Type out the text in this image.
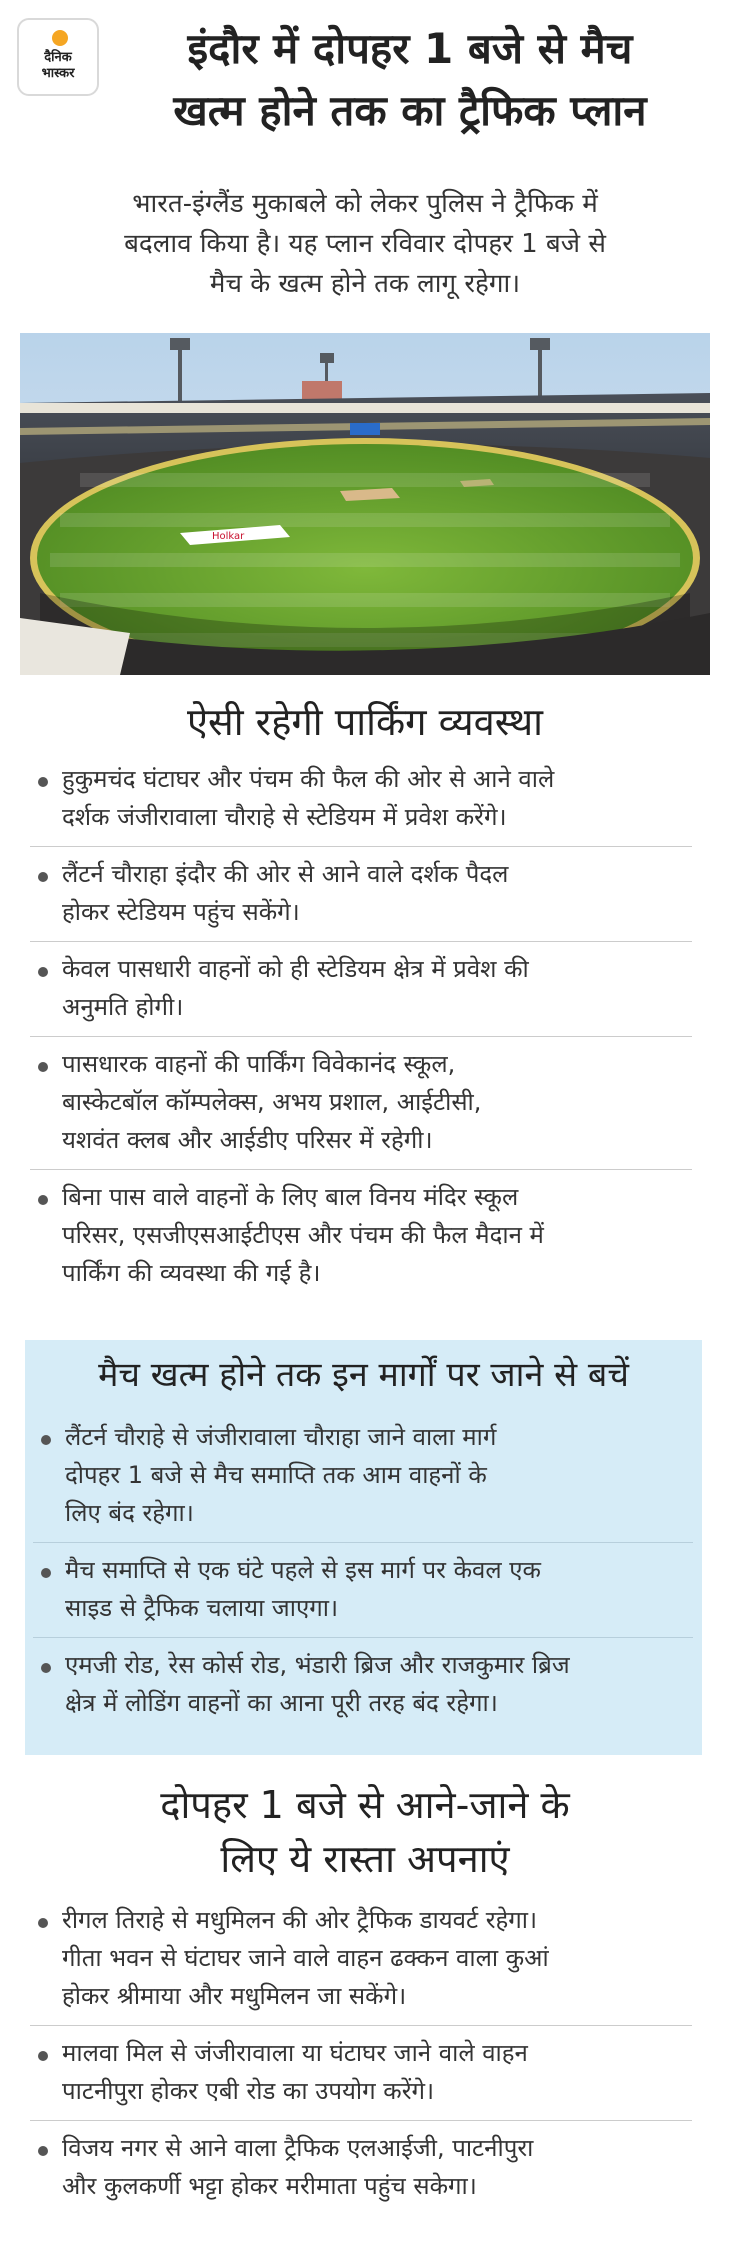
दैनिक
भास्कर
इंदौर में दोपहर 1 बजे से मैच
खत्म होने तक का ट्रैफिक प्लान
भारत-इंग्लैंड मुकाबले को लेकर पुलिस ने ट्रैफिक में
बदलाव किया है। यह प्लान रविवार दोपहर 1 बजे से
मैच के खत्म होने तक लागू रहेगा।
Holkar
ऐसी रहेगी पार्किंग व्यवस्था
हुकुमचंद घंटाघर और पंचम की फैल की ओर से आने वाले
दर्शक जंजीरावाला चौराहे से स्टेडियम में प्रवेश करेंगे।
लैंटर्न चौराहा इंदौर की ओर से आने वाले दर्शक पैदल
होकर स्टेडियम पहुंच सकेंगे।
केवल पासधारी वाहनों को ही स्टेडियम क्षेत्र में प्रवेश की
अनुमति होगी।
पासधारक वाहनों की पार्किंग विवेकानंद स्कूल,
बास्केटबॉल कॉम्पलेक्स, अभय प्रशाल, आईटीसी,
यशवंत क्लब और आईडीए परिसर में रहेगी।
बिना पास वाले वाहनों के लिए बाल विनय मंदिर स्कूल
परिसर, एसजीएसआईटीएस और पंचम की फैल मैदान में
पार्किंग की व्यवस्था की गई है।
मैच खत्म होने तक इन मार्गों पर जाने से बचें
लैंटर्न चौराहे से जंजीरावाला चौराहा जाने वाला मार्ग
दोपहर 1 बजे से मैच समाप्ति तक आम वाहनों के
लिए बंद रहेगा।
मैच समाप्ति से एक घंटे पहले से इस मार्ग पर केवल एक
साइड से ट्रैफिक चलाया जाएगा।
एमजी रोड, रेस कोर्स रोड, भंडारी ब्रिज और राजकुमार ब्रिज
क्षेत्र में लोडिंग वाहनों का आना पूरी तरह बंद रहेगा।
दोपहर 1 बजे से आने-जाने के
लिए ये रास्ता अपनाएं
रीगल तिराहे से मधुमिलन की ओर ट्रैफिक डायवर्ट रहेगा।
गीता भवन से घंटाघर जाने वाले वाहन ढक्कन वाला कुआं
होकर श्रीमाया और मधुमिलन जा सकेंगे।
मालवा मिल से जंजीरावाला या घंटाघर जाने वाले वाहन
पाटनीपुरा होकर एबी रोड का उपयोग करेंगे।
विजय नगर से आने वाला ट्रैफिक एलआईजी, पाटनीपुरा
और कुलकर्णी भट्टा होकर मरीमाता पहुंच सकेगा।
